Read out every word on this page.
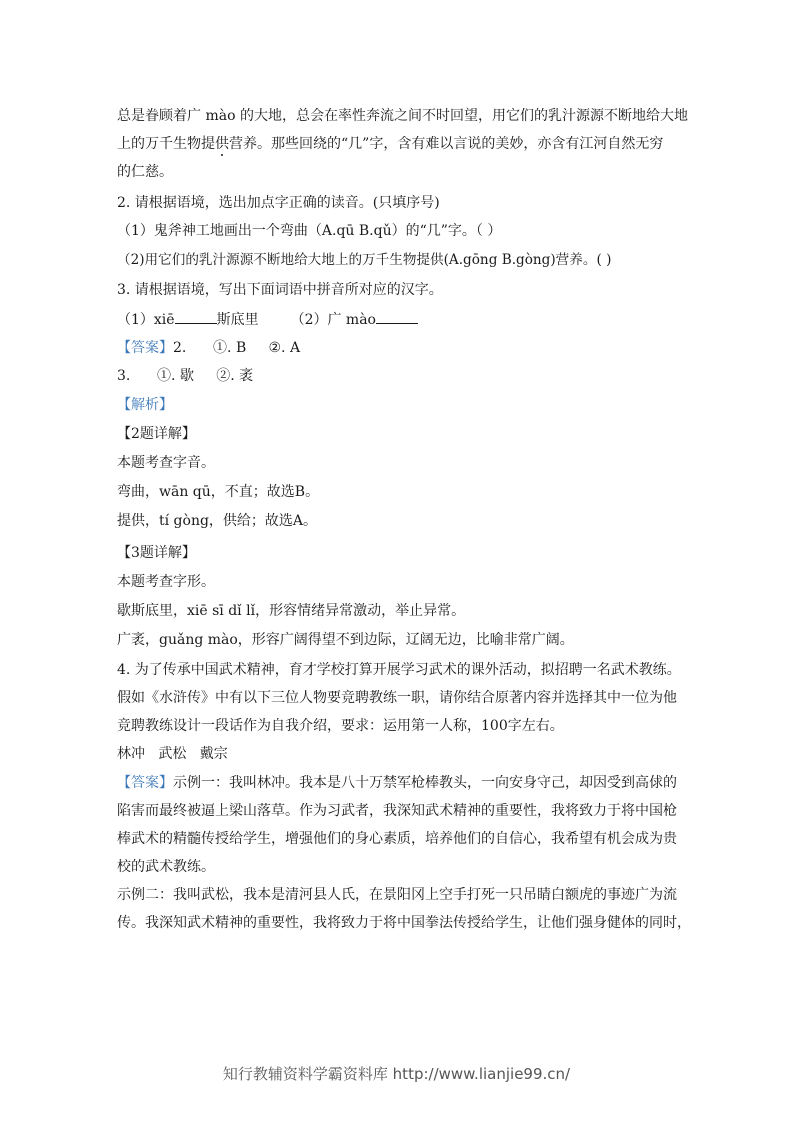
总是眷顾着广 mào 的大地，总会在率性奔流之间不时回望，用它们的乳汁源源不断地给大地
上的万千生物提供营养。那些回绕的“几”字，含有难以言说的美妙，亦含有江河自然无穷
的仁慈。

2. 请根据语境，选出加点字正确的读音。(只填序号)

（1）鬼斧神工地画出一个弯曲（A.qū B.qǔ）的“几”字。（ ）

（2)用它们的乳汁源源不断地给大地上的万千生物提供(A.gōng B.gòng)营养。( )

3. 请根据语境，写出下面词语中拼音所对应的汉字。

（1）xiē	斯底里 （2）广 mào

【答案】2.      ①. B     ②. A

3.      ①. 歇     ②. 袤

【解析】

【2题详解】

本题考查字音。

弯曲，wān qū，不直；故选B。

提供，tí gòng，供给；故选A。

【3题详解】

本题考查字形。

歇斯底里，xiē sī dǐ lǐ，形容情绪异常激动，举止异常。

广袤，guǎng mào，形容广阔得望不到边际，辽阔无边，比喻非常广阔。

4. 为了传承中国武术精神，育才学校打算开展学习武术的课外活动，拟招聘一名武术教练。

假如《水浒传》中有以下三位人物要竞聘教练一职，请你结合原著内容并选择其中一位为他

竞聘教练设计一段话作为自我介绍，要求：运用第一人称，100字左右。

林冲   武松   戴宗

【答案】示例一：我叫林冲。我本是八十万禁军枪棒教头，一向安身守己，却因受到高俅的

陷害而最终被逼上梁山落草。作为习武者，我深知武术精神的重要性，我将致力于将中国枪

棒武术的精髓传授给学生，增强他们的身心素质，培养他们的自信心，我希望有机会成为贵

校的武术教练。

示例二：我叫武松，我本是清河县人氏，在景阳冈上空手打死一只吊睛白额虎的事迹广为流

传。我深知武术精神的重要性，我将致力于将中国拳法传授给学生，让他们强身健体的同时，

知行教辅资料学霸资料库 http://www.lianjie99.cn/
